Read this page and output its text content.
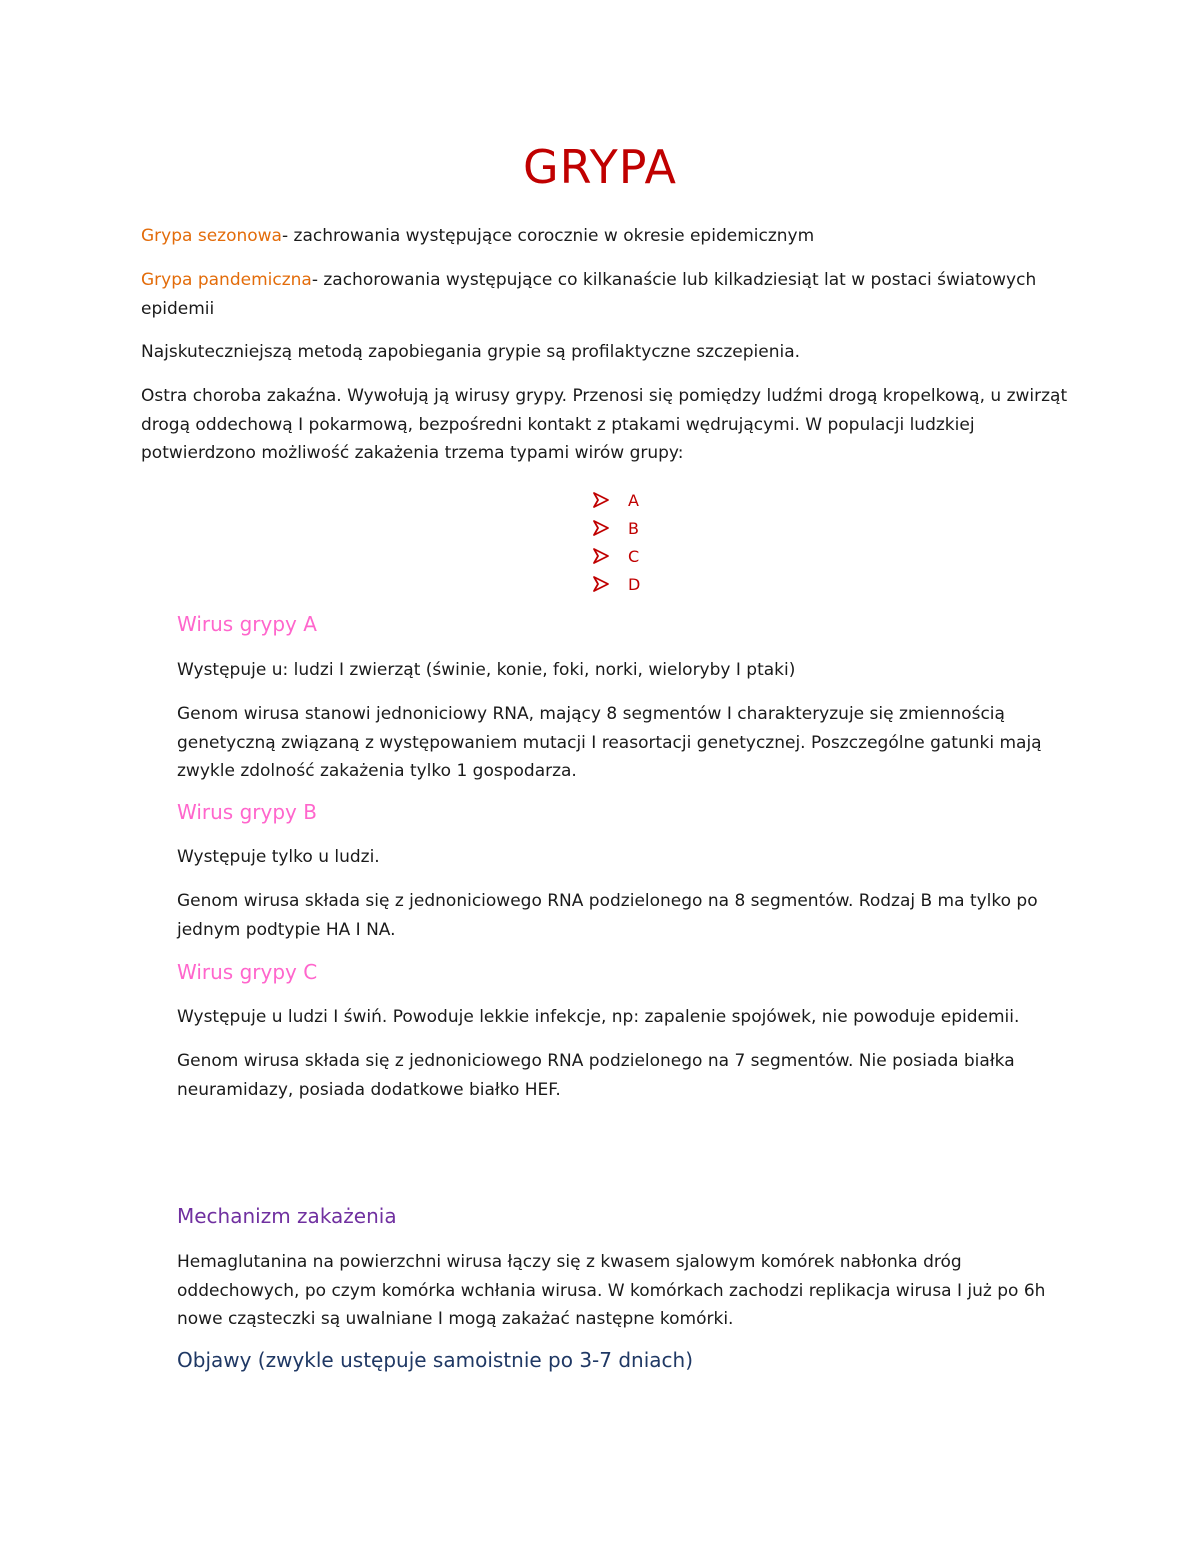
GRYPA

Grypa sezonowa- zachrowania występujące corocznie w okresie epidemicznym

Grypa pandemiczna- zachorowania występujące co kilkanaście lub kilkadziesiąt lat w postaci światowych epidemii

Najskuteczniejszą metodą zapobiegania grypie są profilaktyczne szczepienia.

Ostra choroba zakaźna. Wywołują ją wirusy grypy. Przenosi się pomiędzy ludźmi drogą kropelkową, u zwirząt drogą oddechową I pokarmową, bezpośredni kontakt z ptakami wędrującymi. W populacji ludzkiej potwierdzono możliwość zakażenia trzema typami wirów grupy:

A
B
C
D
Wirus grypy A

Występuje u: ludzi I zwierząt (świnie, konie, foki, norki, wieloryby I ptaki)

Genom wirusa stanowi jednoniciowy RNA, mający 8 segmentów I charakteryzuje się zmiennością genetyczną związaną z występowaniem mutacji I reasortacji genetycznej. Poszczególne gatunki mają zwykle zdolność zakażenia tylko 1 gospodarza.

Wirus grypy B

Występuje tylko u ludzi.

Genom wirusa składa się z jednoniciowego RNA podzielonego na 8 segmentów. Rodzaj B ma tylko po jednym podtypie HA I NA.

Wirus grypy C

Występuje u ludzi I świń. Powoduje lekkie infekcje, np: zapalenie spojówek, nie powoduje epidemii.

Genom wirusa składa się z jednoniciowego RNA podzielonego na 7 segmentów. Nie posiada białka neuramidazy, posiada dodatkowe białko HEF.

Mechanizm zakażenia

Hemaglutanina na powierzchni wirusa łączy się z kwasem sjalowym komórek nabłonka dróg oddechowych, po czym komórka wchłania wirusa. W komórkach zachodzi replikacja wirusa I już po 6h nowe cząsteczki są uwalniane I mogą zakażać następne komórki.

Objawy (zwykle ustępuje samoistnie po 3-7 dniach)
